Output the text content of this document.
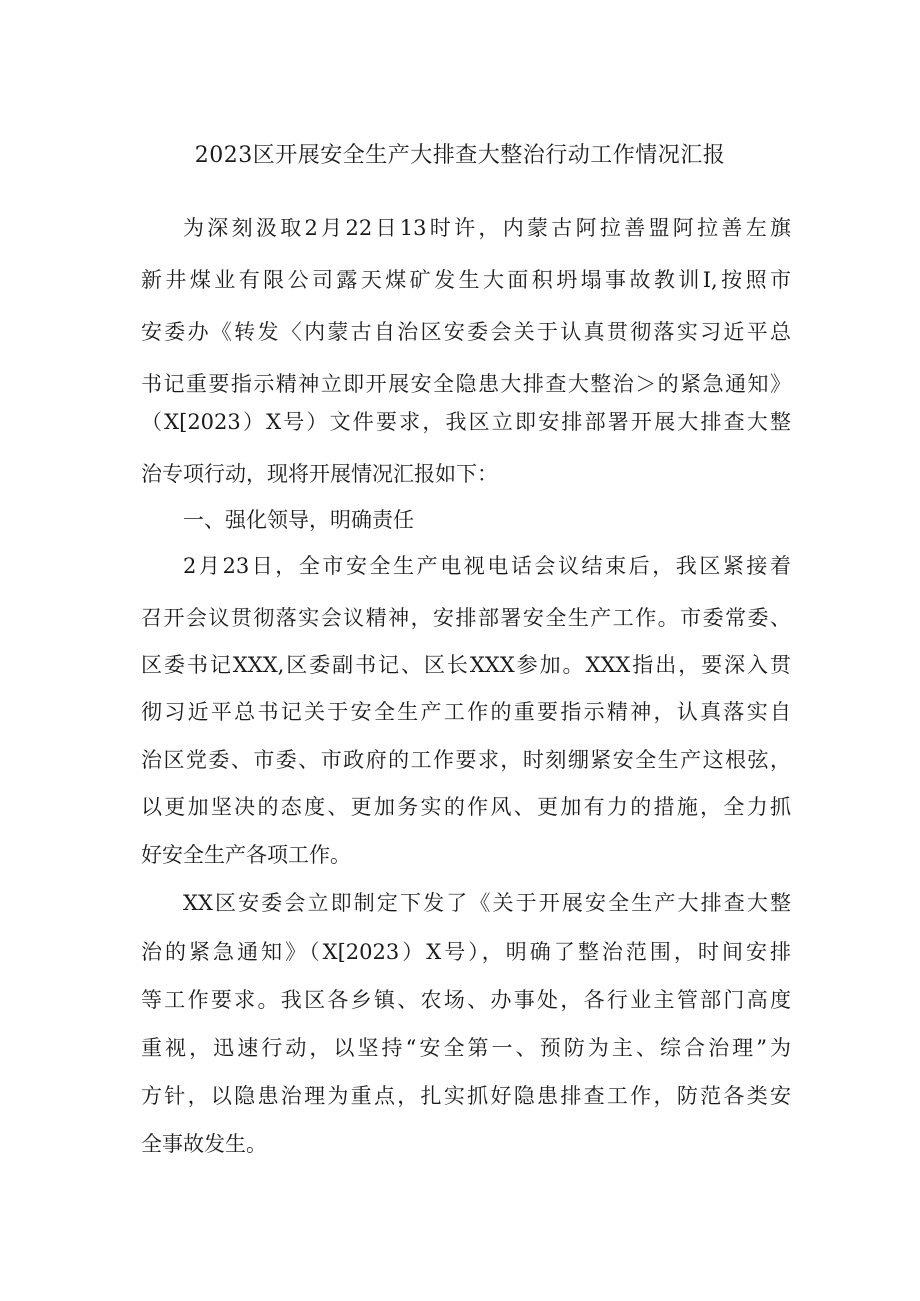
2023区开展安全生产大排查大整治行动工作情况汇报
为深刻汲取2月22日13时许，内蒙古阿拉善盟阿拉善左旗
新井煤业有限公司露天煤矿发生大面积坍塌事故教训I,按照市
安委办《转发〈内蒙古自治区安委会关于认真贯彻落实习近平总
书记重要指示精神立即开展安全隐患大排查大整治＞的紧急通知》
（X[2023）X号）文件要求，我区立即安排部署开展大排查大整
治专项行动，现将开展情况汇报如下：
一、强化领导，明确责任
2月23日，全市安全生产电视电话会议结束后，我区紧接着
召开会议贯彻落实会议精神，安排部署安全生产工作。市委常委、
区委书记XXX,区委副书记、区长XXX参加。XXX指出，要深入贯
彻习近平总书记关于安全生产工作的重要指示精神，认真落实自
治区党委、市委、市政府的工作要求，时刻绷紧安全生产这根弦，
以更加坚决的态度、更加务实的作风、更加有力的措施，全力抓
好安全生产各项工作。
XX区安委会立即制定下发了《关于开展安全生产大排查大整
治的紧急通知》（X[2023）X号），明确了整治范围，时间安排
等工作要求。我区各乡镇、农场、办事处，各行业主管部门高度
重视，迅速行动，以坚持“安全第一、预防为主、综合治理”为
方针，以隐患治理为重点，扎实抓好隐患排查工作，防范各类安
全事故发生。
